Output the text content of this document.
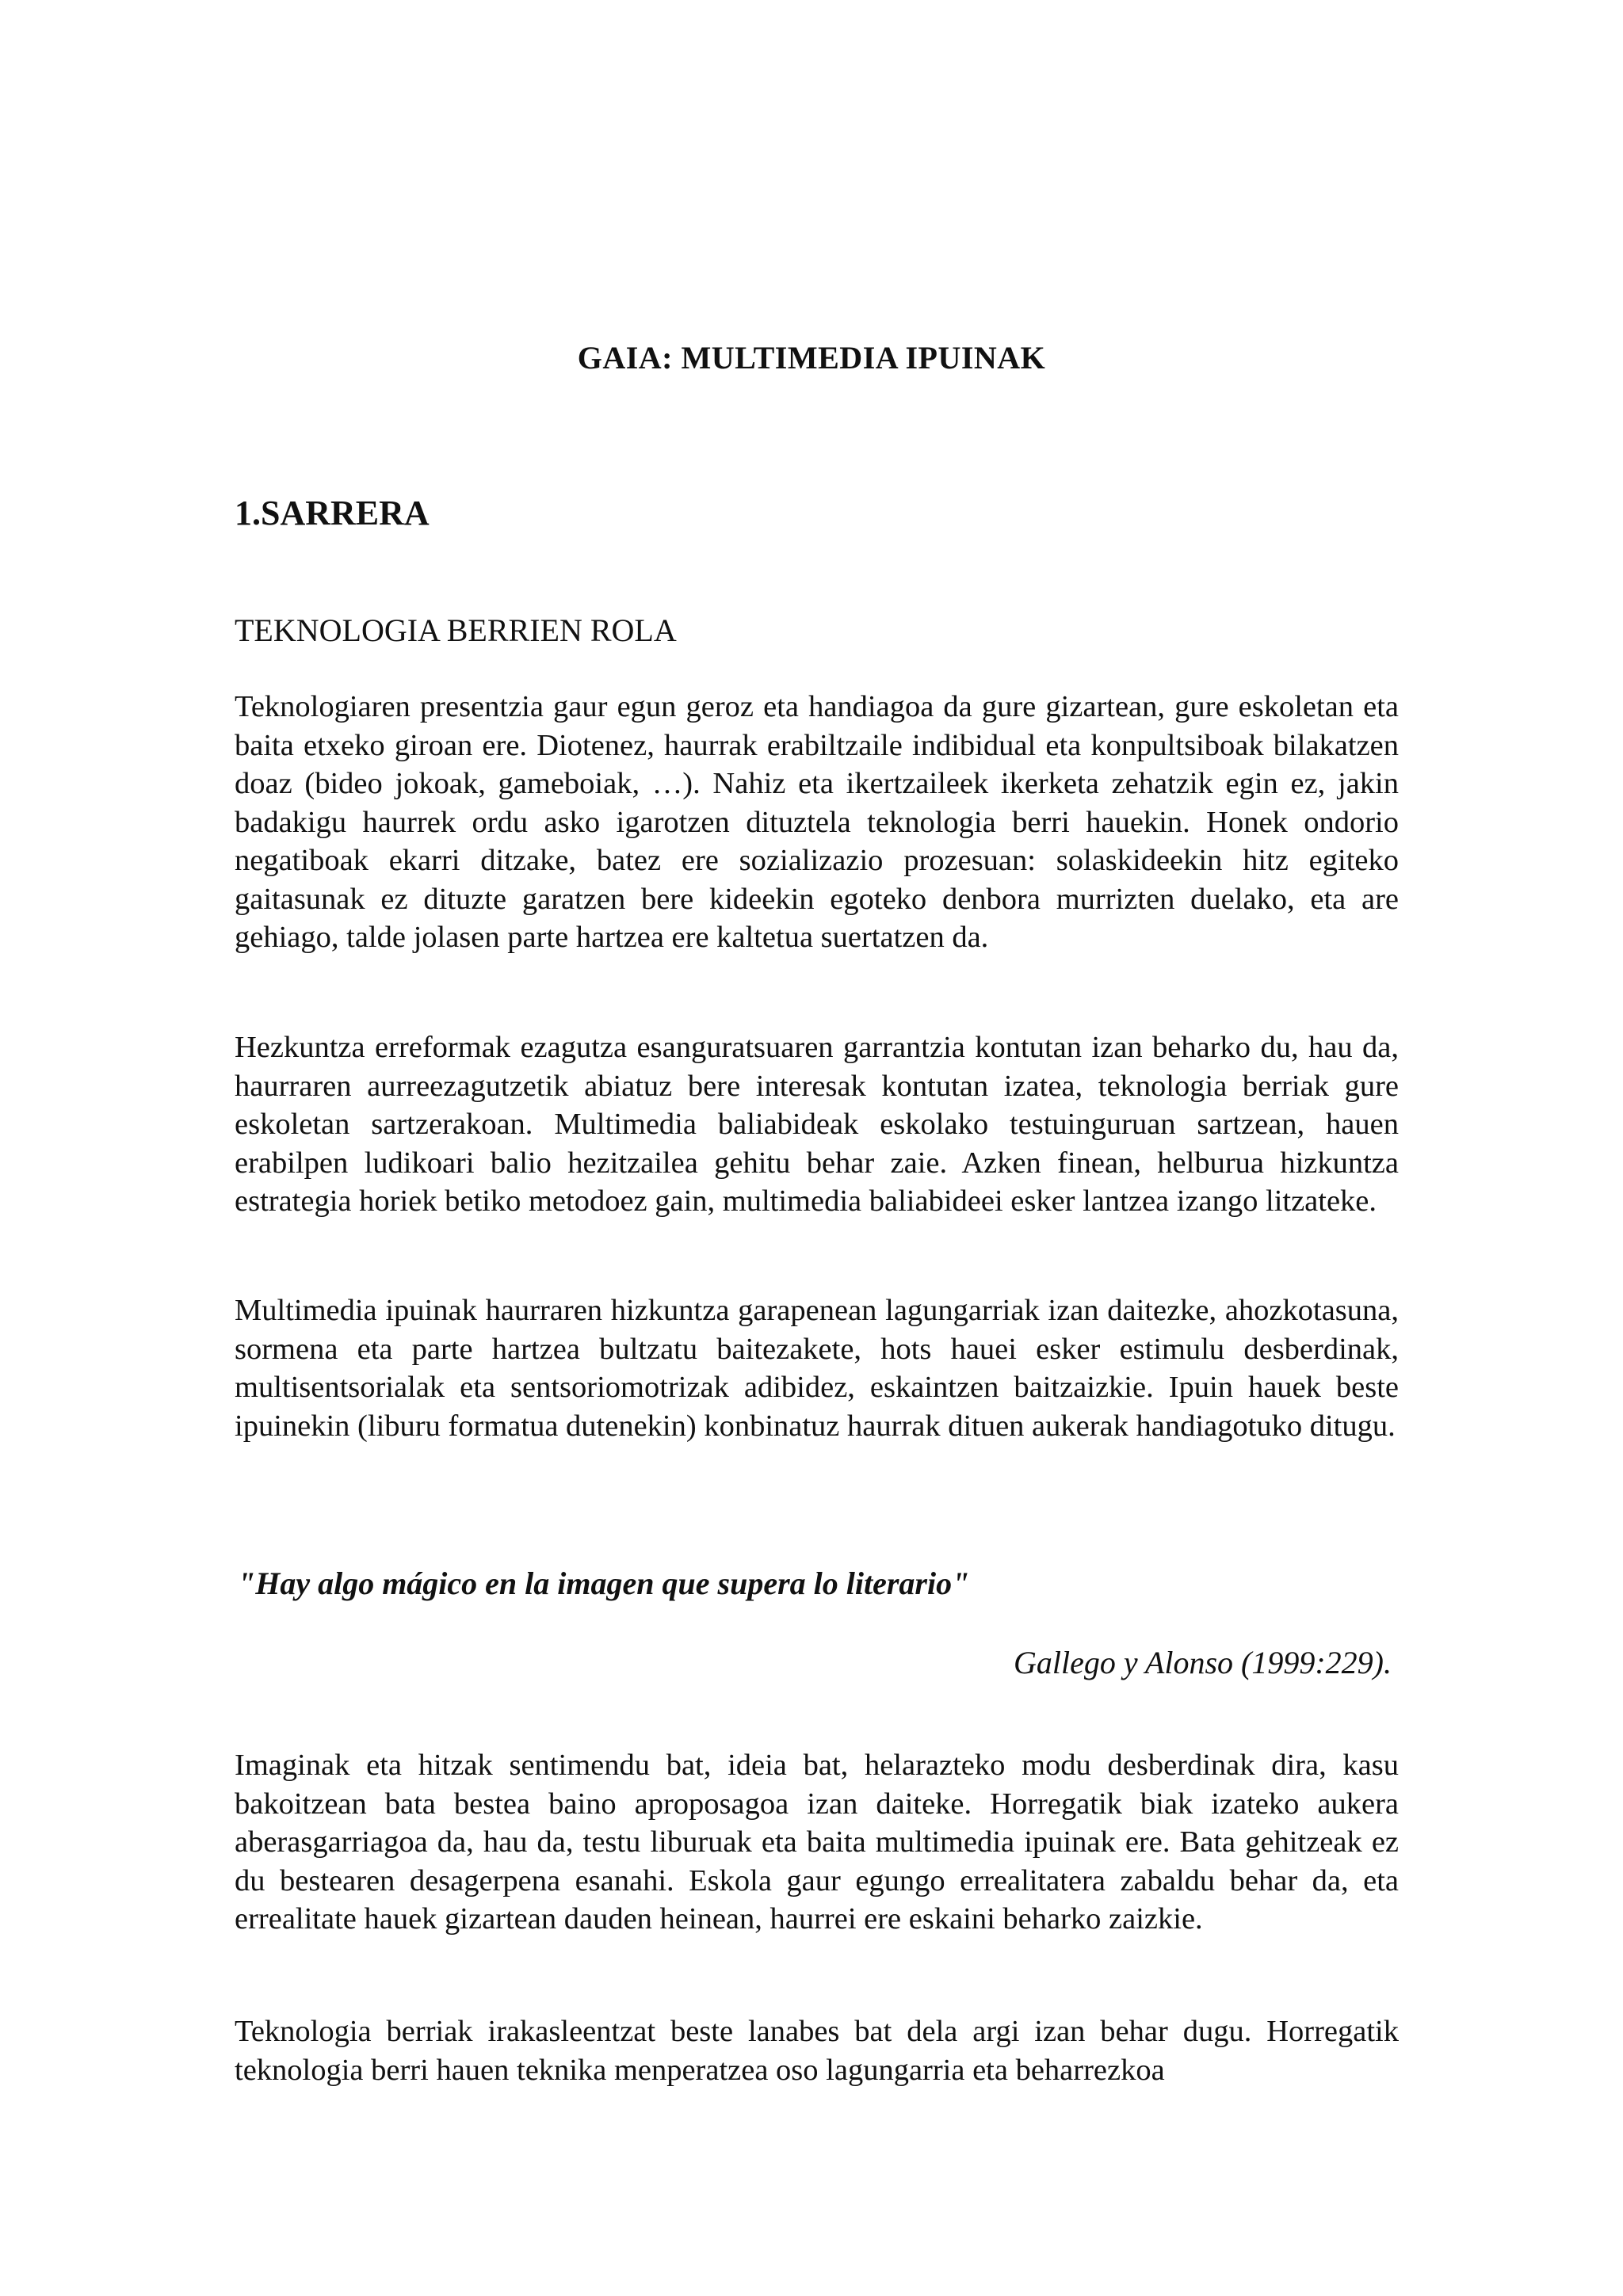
GAIA: MULTIMEDIA IPUINAK
1.SARRERA
TEKNOLOGIA BERRIEN ROLA

Teknologiaren presentzia gaur egun geroz eta handiagoa da gure gizartean, gure eskoletan eta baita etxeko giroan ere. Diotenez, haurrak erabiltzaile indibidual eta konpultsiboak bilakatzen doaz (bideo jokoak, gameboiak, …). Nahiz eta ikertzaileek ikerketa zehatzik egin ez, jakin badakigu haurrek ordu asko igarotzen dituztela teknologia berri hauekin. Honek ondorio negatiboak ekarri ditzake, batez ere sozializazio prozesuan: solaskideekin hitz egiteko gaitasunak ez dituzte garatzen bere kideekin egoteko denbora murrizten duelako, eta are gehiago, talde jolasen parte hartzea ere kaltetua suertatzen da.

Hezkuntza erreformak ezagutza esanguratsuaren garrantzia kontutan izan beharko du, hau da, haurraren aurreezagutzetik abiatuz bere interesak kontutan izatea, teknologia berriak gure eskoletan sartzerakoan. Multimedia baliabideak eskolako testuinguruan sartzean, hauen erabilpen ludikoari balio hezitzailea gehitu behar zaie. Azken finean, helburua hizkuntza estrategia horiek betiko metodoez gain, multimedia baliabideei esker lantzea izango litzateke.

Multimedia ipuinak haurraren hizkuntza garapenean lagungarriak izan daitezke, ahozkotasuna, sormena eta parte hartzea bultzatu baitezakete, hots hauei esker estimulu desberdinak, multisentsorialak eta sentsoriomotrizak adibidez, eskaintzen baitzaizkie. Ipuin hauek beste ipuinekin (liburu formatua dutenekin) konbinatuz haurrak dituen aukerak handiagotuko ditugu.

"Hay algo mágico en la imagen que supera lo literario"

Gallego y Alonso (1999:229).

Imaginak eta hitzak sentimendu bat, ideia bat, helarazteko modu desberdinak dira, kasu bakoitzean bata bestea baino aproposagoa izan daiteke. Horregatik biak izateko aukera aberasgarriagoa da, hau da, testu liburuak eta baita multimedia ipuinak ere. Bata gehitzeak ez du bestearen desagerpena esanahi. Eskola gaur egungo errealitatera zabaldu behar da, eta errealitate hauek gizartean dauden heinean, haurrei ere eskaini beharko zaizkie.

Teknologia berriak irakasleentzat beste lanabes bat dela argi izan behar dugu. Horregatik teknologia berri hauen teknika menperatzea oso lagungarria eta beharrezkoa
